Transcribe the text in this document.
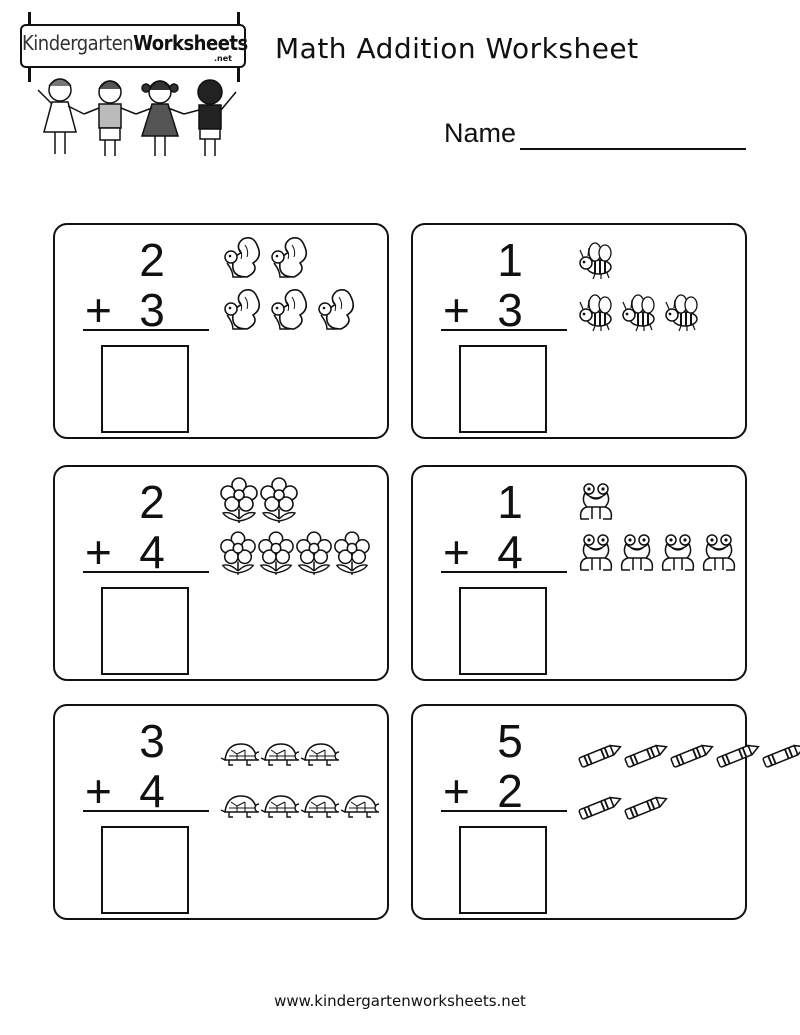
KindergartenWorksheets
.net Math Addition Worksheet
Name
2
+ 3
1
+ 3
2
+ 4
1
+ 4
3
+ 4
5
+ 2
www.kindergartenworksheets.net
